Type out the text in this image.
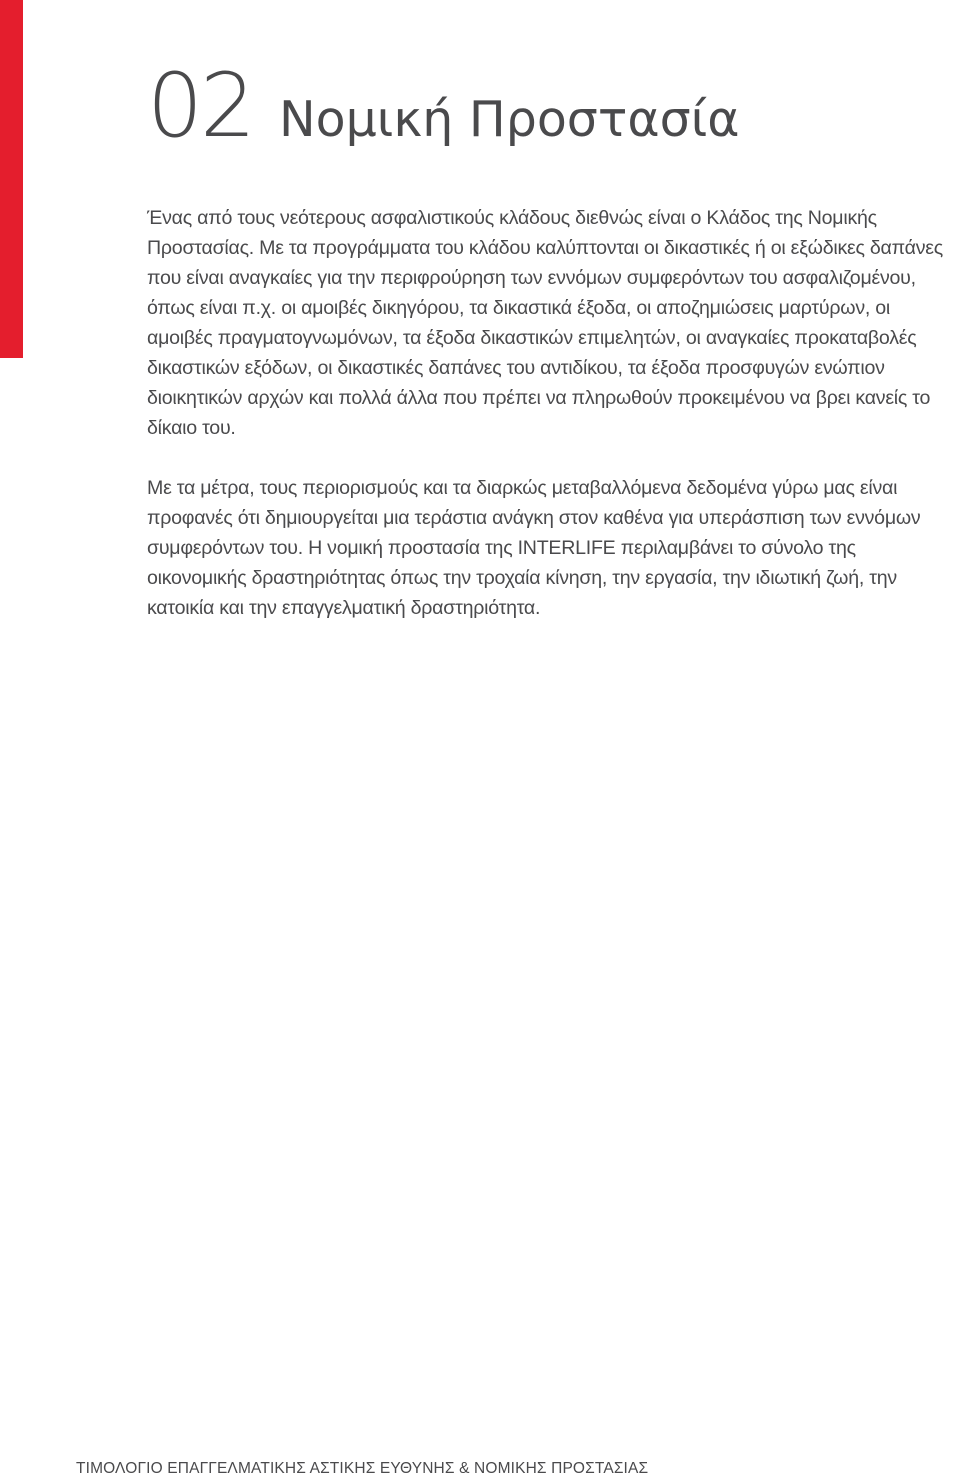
02 Νομική Προστασία

Ένας από τους νεότερους ασφαλιστικούς κλάδους διεθνώς είναι ο Κλάδος της Νομικής Προστασίας. Με τα προγράμματα του κλάδου καλύπτονται οι δικαστικές ή οι εξώδικες δαπάνες που είναι αναγκαίες για την περιφρούρηση των εννόμων συμφερόντων του ασφαλιζομένου, όπως είναι π.χ. οι αμοιβές δικηγόρου, τα δικαστικά έξοδα, οι αποζημιώσεις μαρτύρων, οι αμοιβές πραγματογνωμόνων, τα έξοδα δικαστικών επιμελητών, οι αναγκαίες προκαταβολές δικαστικών εξόδων, οι δικαστικές δαπάνες του αντιδίκου, τα έξοδα προσφυγών ενώπιον διοικητικών αρχών και πολλά άλλα που πρέπει να πληρωθούν προκειμένου να βρει κανείς το δίκαιο του.

Με τα μέτρα, τους περιορισμούς και τα διαρκώς μεταβαλλόμενα δεδομένα γύρω μας είναι προφανές ότι δημιουργείται μια τεράστια ανάγκη στον καθένα για υπεράσπιση των εννόμων συμφερόντων του. Η νομική προστασία της INTERLIFE περιλαμβάνει το σύνολο της οικονομικής δραστηριότητας όπως την τροχαία κίνηση, την εργασία, την ιδιωτική ζωή, την κατοικία και την επαγγελματική δραστηριότητα.

ΤΙΜΟΛΟΓΙΟ ΕΠΑΓΓΕΛΜΑΤΙΚΗΣ ΑΣΤΙΚΗΣ ΕΥΘΥΝΗΣ & ΝΟΜΙΚΗΣ ΠΡΟΣΤΑΣΙΑΣ
